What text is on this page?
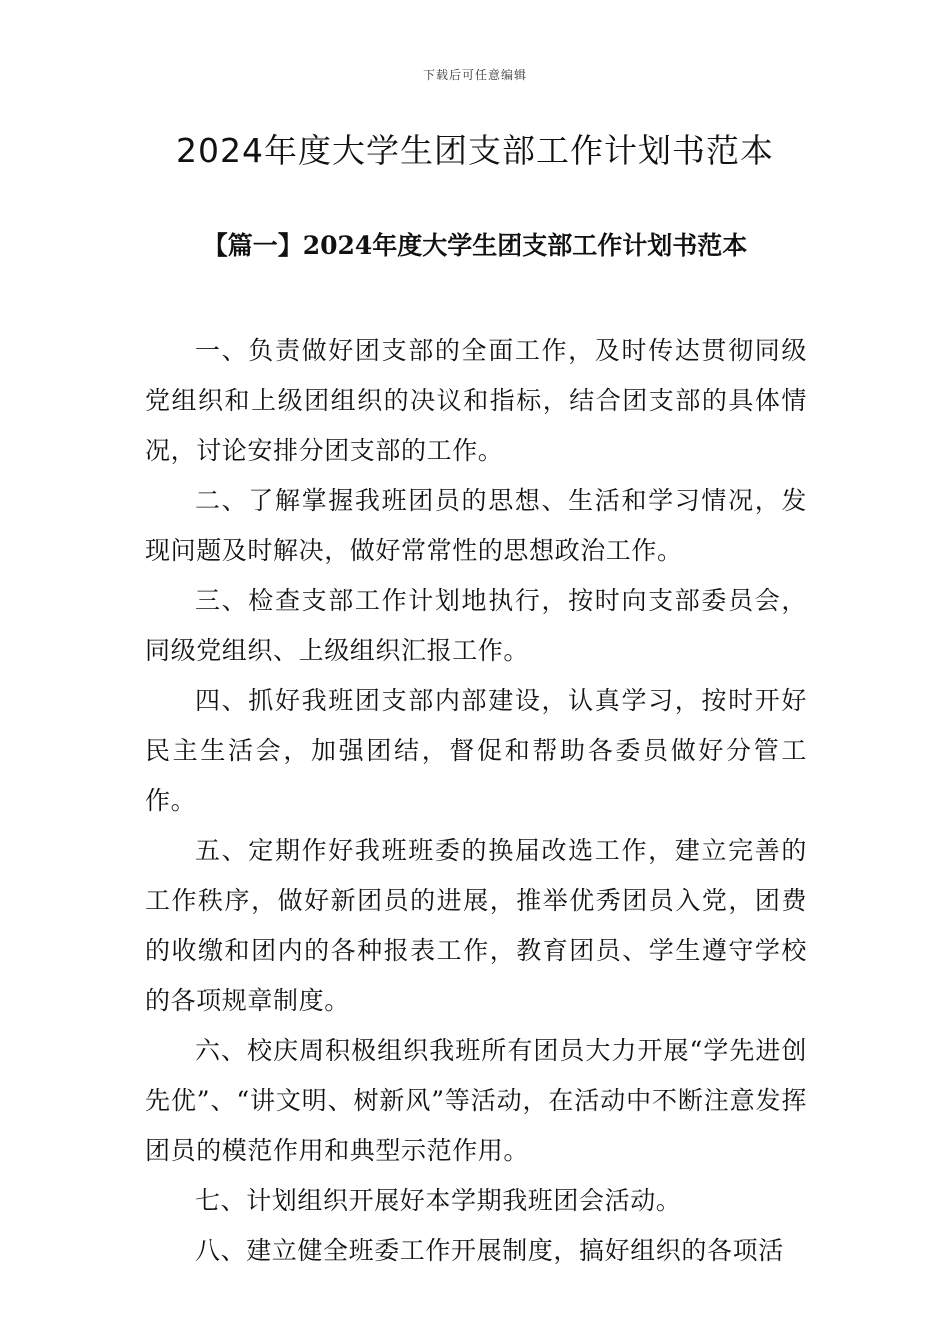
下载后可任意编辑
2024年度大学生团支部工作计划书范本
【篇一】2024年度大学生团支部工作计划书范本

一、负责做好团支部的全面工作，及时传达贯彻同级党组织和上级团组织的决议和指标，结合团支部的具体情况，讨论安排分团支部的工作。

二、了解掌握我班团员的思想、生活和学习情况，发现问题及时解决，做好常常性的思想政治工作。

三、检查支部工作计划地执行，按时向支部委员会，同级党组织、上级组织汇报工作。

四、抓好我班团支部内部建设，认真学习，按时开好民主生活会，加强团结，督促和帮助各委员做好分管工作。

五、定期作好我班班委的换届改选工作，建立完善的工作秩序，做好新团员的进展，推举优秀团员入党，团费的收缴和团内的各种报表工作，教育团员、学生遵守学校的各项规章制度。

六、校庆周积极组织我班所有团员大力开展“学先进创先优”、“讲文明、树新风”等活动，在活动中不断注意发挥团员的模范作用和典型示范作用。

七、计划组织开展好本学期我班团会活动。

八、建立健全班委工作开展制度，搞好组织的各项活
